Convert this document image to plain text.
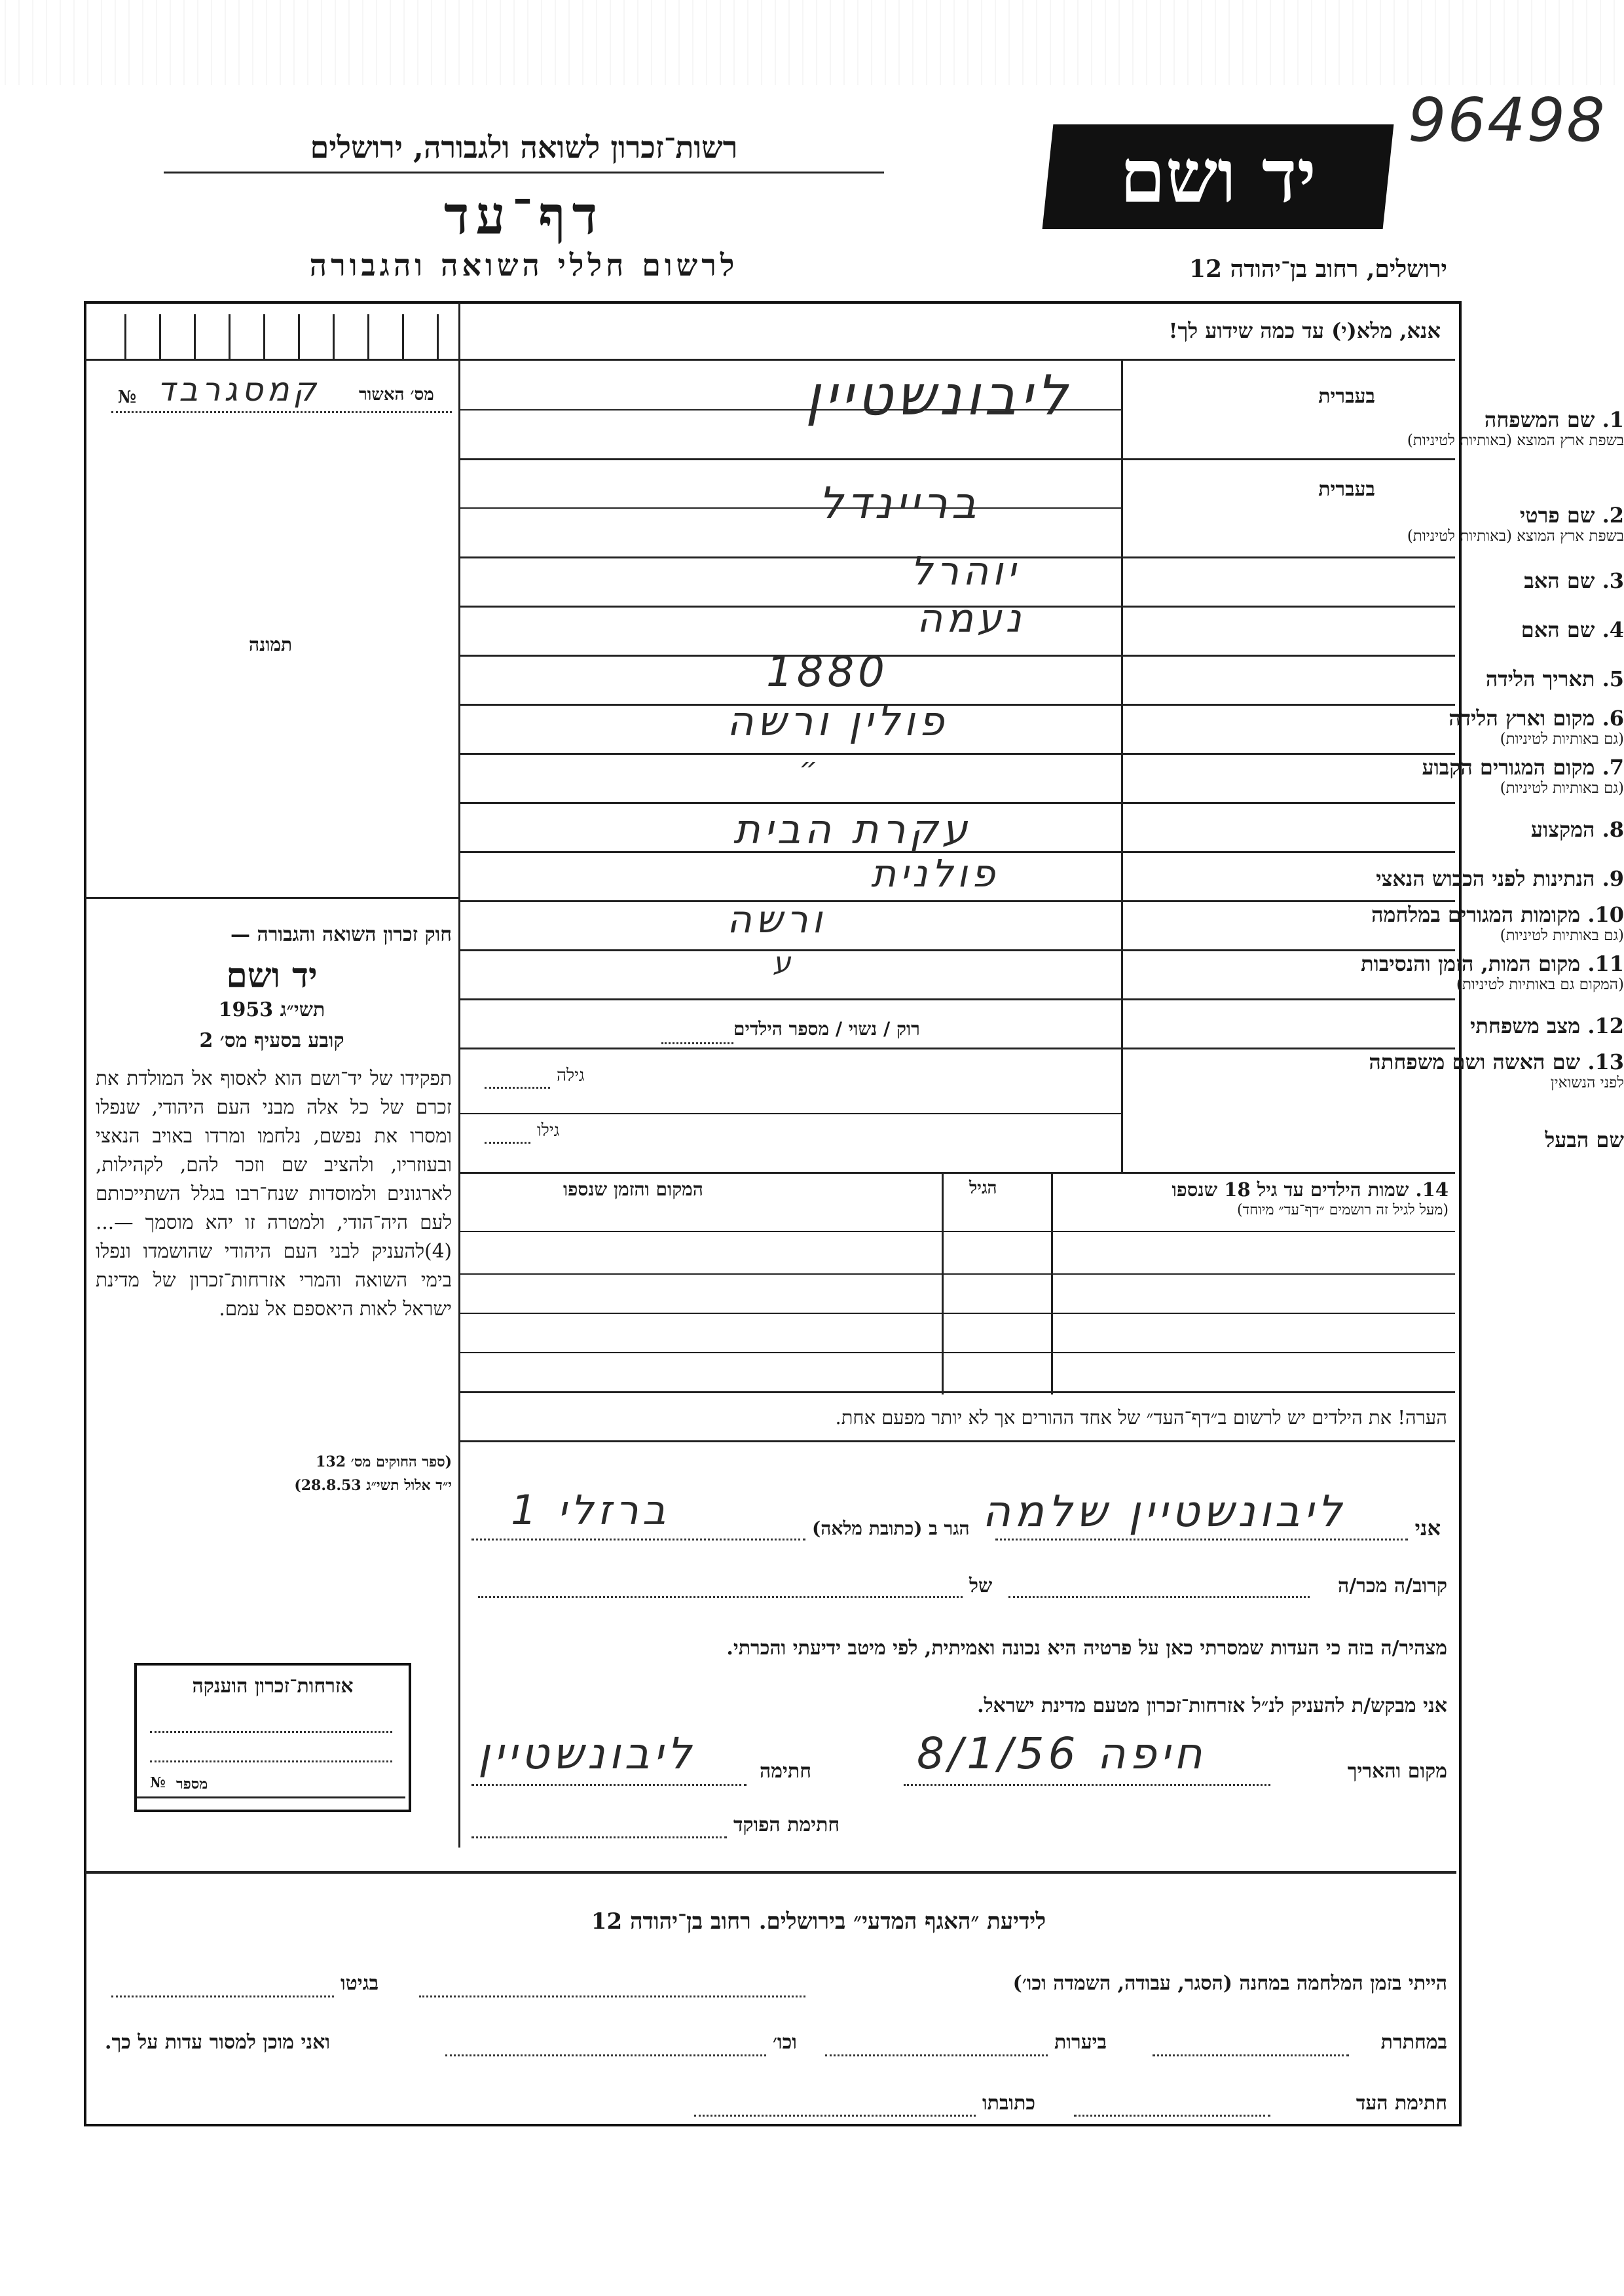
96498
יד ושם
רשות־זכרון לשואה ולגבורה, ירושלים
דף־עד
לרשום חללי השואה והגבורה	ירושלים, רחוב בן־יהודה 12
אנא, מלא(י) עד כמה שידוע לך!
מס׳ האשור
קמסגרבד
№
תמונה
בעברית
בעברית
1. שם המשפחה
בשפת ארץ המוצא (באותיות לטיניות)
2. שם פרטי
בשפת ארץ המוצא (באותיות לטיניות)
3. שם האב
4. שם האם
5. תאריך הלידה
6. מקום וארץ הלידה
(גם באותיות לטיניות)
7. מקום המגורים הקבוע
(גם באותיות לטיניות)
8. המקצוע
9. הנתינות לפני הכבוש הנאצי
10. מקומות המגורים במלחמה
(גם באותיות לטיניות)
11. מקום המות, הזמן והנסיבות
(המקום גם באותיות לטיניות)
12. מצב משפחתי
13. שם האשה ושם משפחתה
לפני הנשואין
שם הבעל
ליבונשטיין
בריינדל
יוהרל
נעמה
1880
פולין ורשה
״
עקרת הבית
פולנית
ורשה
ע
רוק / נשוי / מספר הילדים
גילה
גילו
14. שמות הילדים עד גיל 18 שנספו
(מעל לגיל זה רושמים ״דף־עד״ מיוחד)
הגיל
המקום והזמן שנספו
חוק זכרון השואה והגבורה —
יד ושם
תשי״ג 1953
קובע בסעיף מס׳ 2
תפקידו של יד־ושם הוא לאסוף אל המולדת את זכרם של כל אלה מבני העם היהודי, שנפלו ומסרו את נפשם, נלחמו ומרדו באויב הנאצי ובעוזריו, ולהציב שם וזכר להם, לקהילות, לארגונים ולמוסדות שנח־רבו בגלל השתייכותם לעם היה־הודי, ולמטרה זו יהא מוסמך —...(4)להעניק לבני העם היהודי שהושמדו ונפלו בימי השואה והמרי אזרחות־זכרון של מדינת ישראל לאות היאספם אל עמם.
(ספר החוקים מס׳ 132
י״ד אלול תשי״ג 28.8.53)
הערה! את הילדים יש לרשום ב״דף־העד״ של אחד ההורים אך לא יותר מפעם אחת.
אני
ליבונשטיין שלמה
הגר ב (כתובת מלאה)
ברזלי 1
קרוב/ה מכר/ה
של
מצהיר/ה בזה כי העדות שמסרתי כאן על פרטיה היא נכונה ואמיתית, לפי מיטב ידיעתי והכרתי.
אני מבקש/ת להעניק לנ״ל אזרחות־זכרון מטעם מדינת ישראל.
מקום והאריך
חיפה 8/1/56
חתימה
ליבונשטיין
חתימת הפוקד
אזרחות־זכרון הוענקה
מספר
№
לידיעת ״האגף המדעי״ בירושלים. רחוב בן־יהודה 12
הייתי בזמן המלחמה במחנה (הסגר, עבודה, השמדה וכו׳)
בגיטו
במחתרת
ביערות
וכו׳
ואני מוכן למסור עדות על כך.
חתימת העד
כתובתו
